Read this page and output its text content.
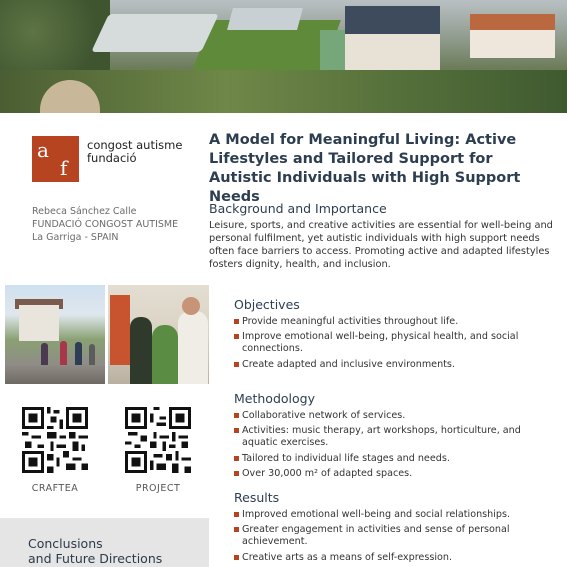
a
f
congost autisme
fundació
Rebeca Sánchez Calle
FUNDACIÓ CONGOST AUTISME
La Garriga - SPAIN
CRAFTEA	PROJECT
Conclusions
and Future Directions
A Model for Meaningful Living: Active Lifestyles and Tailored Support for Autistic Individuals with High Support Needs
Background and Importance
Leisure, sports, and creative activities are essential for well-being and personal fulfilment, yet autistic individuals with high support needs often face barriers to access. Promoting active and adapted lifestyles fosters dignity, health, and inclusion.
Objectives
Provide meaningful activities throughout life.
Improve emotional well-being, physical health, and social connections.
Create adapted and inclusive environments.
Methodology
Collaborative network of services.
Activities: music therapy, art workshops, horticulture, and aquatic exercises.
Tailored to individual life stages and needs.
Over 30,000 m² of adapted spaces.
Results
Improved emotional well-being and social relationships.
Greater engagement in activities and sense of personal achievement.
Creative arts as a means of self-expression.
